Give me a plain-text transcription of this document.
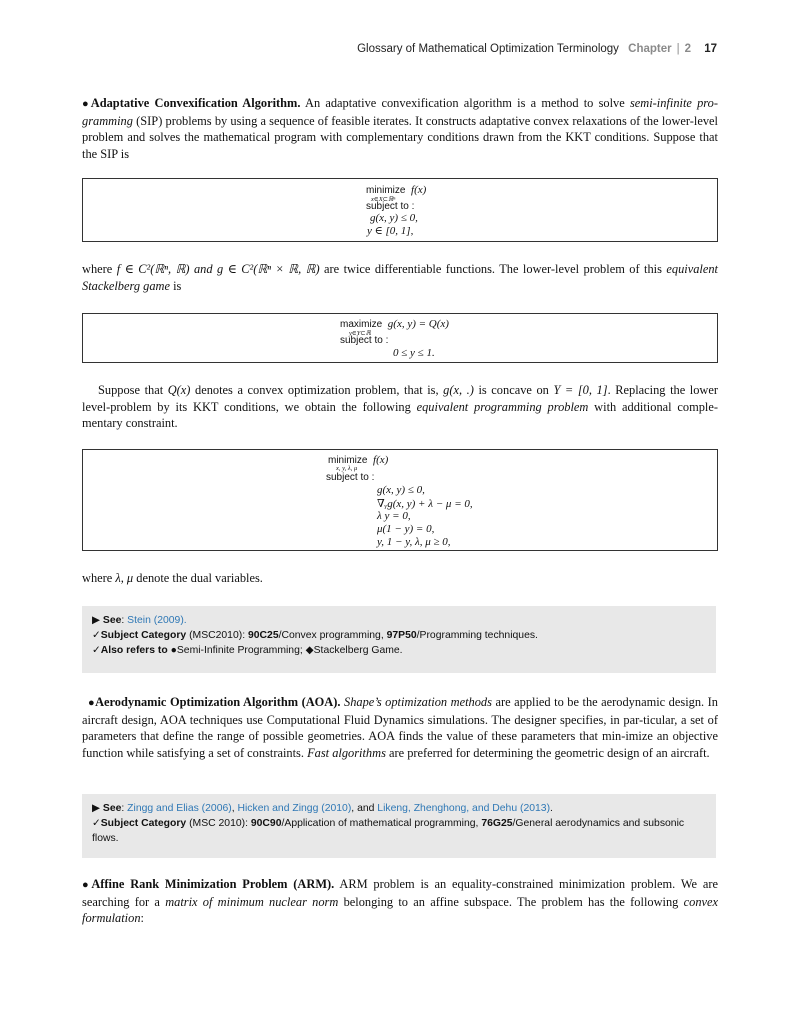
Glossary of Mathematical Optimization Terminology Chapter | 2 17

●Adaptative Convexification Algorithm. An adaptative convexification algorithm is a method to solve semi-infinite pro-gramming (SIP) problems by using a sequence of feasible iterates. It constructs adaptative convex relaxations of the lower-level problem and solves the mathematical program with complementary conditions drawn from the KKT conditions. Suppose that the SIP is

minimize f(x)
x∈X⊂ℝⁿ
subject to :
g(x, y) ≤ 0,
y ∈ [0, 1],

where f ∈ C²(ℝⁿ, ℝ) and g ∈ C²(ℝⁿ × ℝ, ℝ) are twice differentiable functions. The lower-level problem of this equivalent Stackelberg game is

maximize g(x, y) = Q(x)
y∈Y⊂ℝ
subject to :
0 ≤ y ≤ 1.

Suppose that Q(x) denotes a convex optimization problem, that is, g(x, .) is concave on Y = [0, 1]. Replacing the lower level-problem by its KKT conditions, we obtain the following equivalent programming problem with additional comple-mentary constraint.

minimize f(x)
x, y, λ, μ
subject to :
g(x, y) ≤ 0,
∇ᵧg(x, y) + λ − μ = 0,
λ y = 0,
μ(1 − y) = 0,
y, 1 − y, λ, μ ≥ 0,

where λ, μ denote the dual variables.

▶ See: Stein (2009).
✓Subject Category (MSC2010): 90C25/Convex programming, 97P50/Programming techniques.
✓Also refers to ●Semi-Infinite Programming; ◆Stackelberg Game.

●Aerodynamic Optimization Algorithm (AOA). Shape’s optimization methods are applied to be the aerodynamic design. In aircraft design, AOA techniques use Computational Fluid Dynamics simulations. The designer specifies, in par-ticular, a set of parameters that define the range of possible geometries. AOA finds the value of these parameters that min-imize an objective function while satisfying a set of constraints. Fast algorithms are preferred for determining the geometric design of an aircraft.

▶ See: Zingg and Elias (2006), Hicken and Zingg (2010), and Likeng, Zhenghong, and Dehu (2013).
✓Subject Category (MSC 2010): 90C90/Application of mathematical programming, 76G25/General aerodynamics and subsonic flows.

●Affine Rank Minimization Problem (ARM). ARM problem is an equality-constrained minimization problem. We are searching for a matrix of minimum nuclear norm belonging to an affine subspace. The problem has the following convex formulation:
